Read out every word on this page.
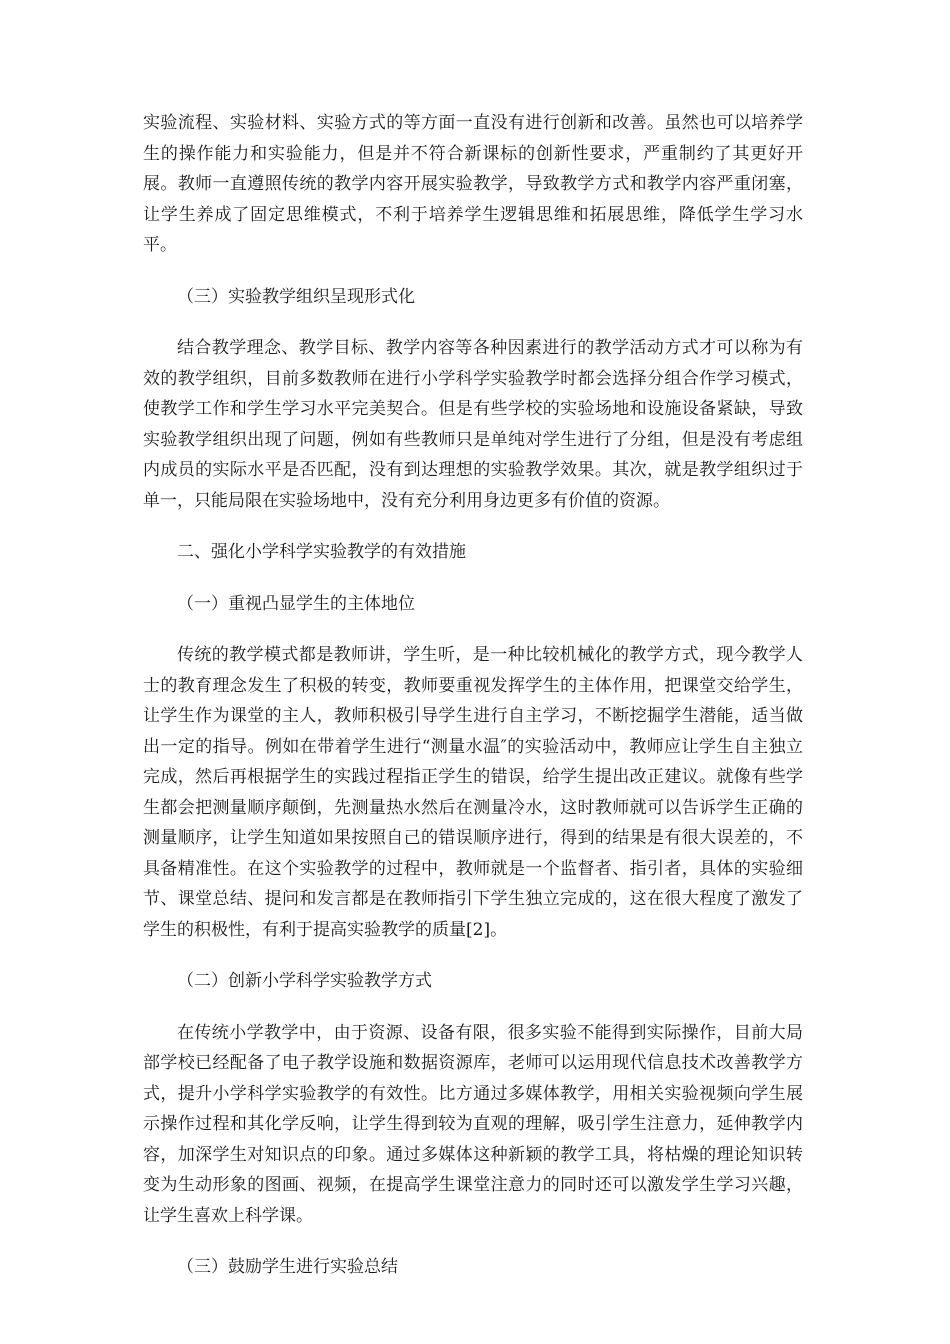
实验流程、实验材料、实验方式的等方面一直没有进行创新和改善。虽然也可以培养学生的操作能力和实验能力，但是并不符合新课标的创新性要求，严重制约了其更好开展。教师一直遵照传统的教学内容开展实验教学，导致教学方式和教学内容严重闭塞，让学生养成了固定思维模式，不利于培养学生逻辑思维和拓展思维，降低学生学习水平。

（三）实验教学组织呈现形式化

结合教学理念、教学目标、教学内容等各种因素进行的教学活动方式才可以称为有效的教学组织，目前多数教师在进行小学科学实验教学时都会选择分组合作学习模式，使教学工作和学生学习水平完美契合。但是有些学校的实验场地和设施设备紧缺，导致实验教学组织出现了问题，例如有些教师只是单纯对学生进行了分组，但是没有考虑组内成员的实际水平是否匹配，没有到达理想的实验教学效果。其次，就是教学组织过于单一，只能局限在实验场地中，没有充分利用身边更多有价值的资源。

二、强化小学科学实验教学的有效措施

（一）重视凸显学生的主体地位

传统的教学模式都是教师讲，学生听，是一种比较机械化的教学方式，现今教学人士的教育理念发生了积极的转变，教师要重视发挥学生的主体作用，把课堂交给学生，让学生作为课堂的主人，教师积极引导学生进行自主学习，不断挖掘学生潜能，适当做出一定的指导。例如在带着学生进行“测量水温″的实验活动中，教师应让学生自主独立完成，然后再根据学生的实践过程指正学生的错误，给学生提出改正建议。就像有些学生都会把测量顺序颠倒，先测量热水然后在测量冷水，这时教师就可以告诉学生正确的测量顺序，让学生知道如果按照自己的错误顺序进行，得到的结果是有很大误差的，不具备精准性。在这个实验教学的过程中，教师就是一个监督者、指引者，具体的实验细节、课堂总结、提问和发言都是在教师指引下学生独立完成的，这在很大程度了激发了学生的积极性，有利于提高实验教学的质量[2]。

（二）创新小学科学实验教学方式

在传统小学教学中，由于资源、设备有限，很多实验不能得到实际操作，目前大局部学校已经配备了电子教学设施和数据资源库，老师可以运用现代信息技术改善教学方式，提升小学科学实验教学的有效性。比方通过多媒体教学，用相关实验视频向学生展示操作过程和其化学反响，让学生得到较为直观的理解，吸引学生注意力，延伸教学内容，加深学生对知识点的印象。通过多媒体这种新颖的教学工具，将枯燥的理论知识转变为生动形象的图画、视频，在提高学生课堂注意力的同时还可以激发学生学习兴趣，让学生喜欢上科学课。

（三）鼓励学生进行实验总结
